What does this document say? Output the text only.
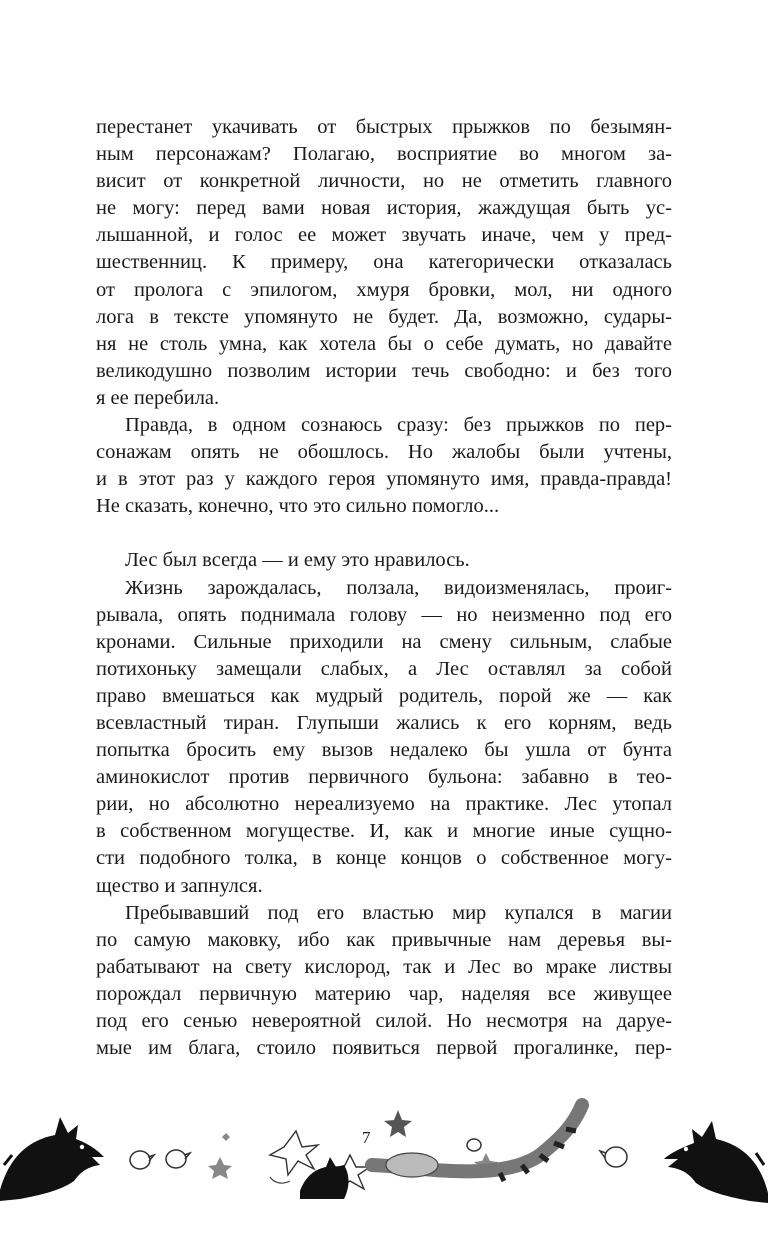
перестанет укачивать от быстрых прыжков по безымян-
ным персонажам? Полагаю, восприятие во многом за-
висит от конкретной личности, но не отметить главного
не могу: перед вами новая история, жаждущая быть ус-
лышанной, и голос ее может звучать иначе, чем у пред-
шественниц. К примеру, она категорически отказалась
от пролога с эпилогом, хмуря бровки, мол, ни одного
лога в тексте упомянуто не будет. Да, возможно, судары-
ня не столь умна, как хотела бы о себе думать, но давайте
великодушно позволим истории течь свободно: и без того
я ее перебила.
Правда, в одном сознаюсь сразу: без прыжков по пер-
сонажам опять не обошлось. Но жалобы были учтены,
и в этот раз у каждого героя упомянуто имя, правда-правда!
Не сказать, конечно, что это сильно помогло...
Лес был всегда — и ему это нравилось.
Жизнь зарождалась, ползала, видоизменялась, проиг-
рывала, опять поднимала голову — но неизменно под его
кронами. Сильные приходили на смену сильным, слабые
потихоньку замещали слабых, а Лес оставлял за собой
право вмешаться как мудрый родитель, порой же — как
всевластный тиран. Глупыши жались к его корням, ведь
попытка бросить ему вызов недалеко бы ушла от бунта
аминокислот против первичного бульона: забавно в тео-
рии, но абсолютно нереализуемо на практике. Лес утопал
в собственном могуществе. И, как и многие иные сущно-
сти подобного толка, в конце концов о собственное могу-
щество и запнулся.
Пребывавший под его властью мир купался в магии
по самую маковку, ибо как привычные нам деревья вы-
рабатывают на свету кислород, так и Лес во мраке листвы
порождал первичную материю чар, наделяя все живущее
под его сенью невероятной силой. Но несмотря на даруе-
мые им блага, стоило появиться первой прогалинке, пер-
7
